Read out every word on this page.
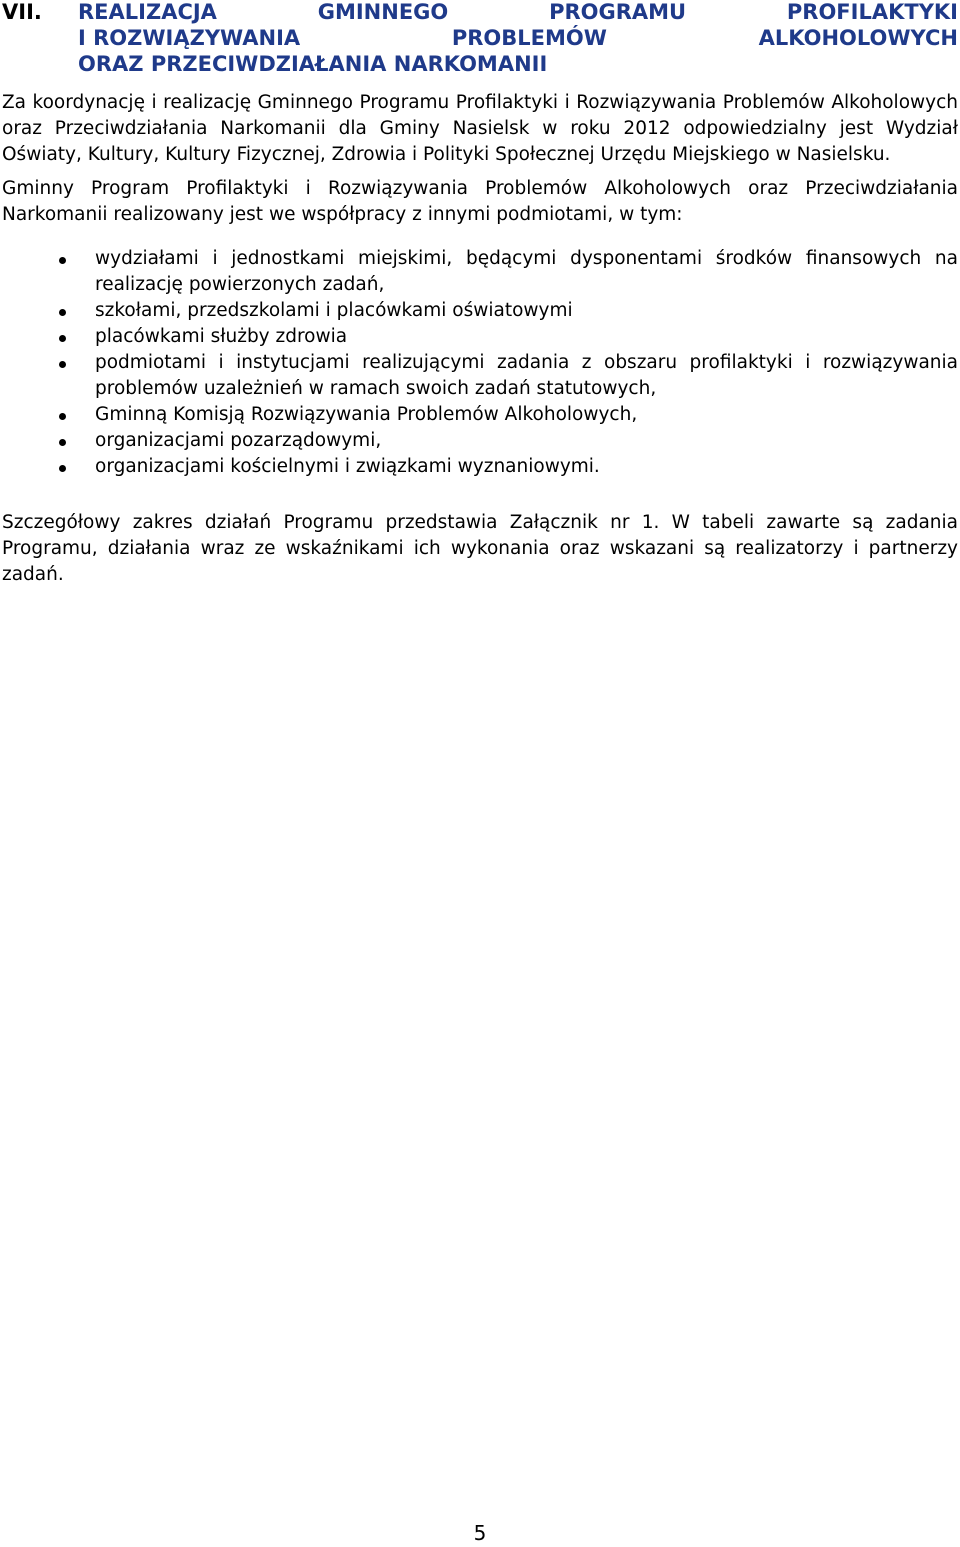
VII.	REALIZACJA	GMINNEGO	PROGRAMU	PROFILAKTYKI
I ROZWIĄZYWANIA	PROBLEMÓW	ALKOHOLOWYCH
ORAZ PRZECIWDZIAŁANIA NARKOMANII

Za koordynację i realizację Gminnego Programu Profilaktyki i Rozwiązywania Problemów Alkoholowych oraz Przeciwdziałania Narkomanii dla Gminy Nasielsk w roku 2012 odpowiedzialny jest Wydział Oświaty, Kultury, Kultury Fizycznej, Zdrowia i Polityki Społecznej Urzędu Miejskiego w Nasielsku.

Gminny Program Profilaktyki i Rozwiązywania Problemów Alkoholowych oraz Przeciwdziałania Narkomanii realizowany jest we współpracy z innymi podmiotami, w tym:

wydziałami i jednostkami miejskimi, będącymi dysponentami środków finansowych na realizację powierzonych zadań,
szkołami, przedszkolami i placówkami oświatowymi
placówkami służby zdrowia
podmiotami i instytucjami realizującymi zadania z obszaru profilaktyki i rozwiązywania problemów uzależnień w ramach swoich zadań statutowych,
Gminną Komisją Rozwiązywania Problemów Alkoholowych,
organizacjami pozarządowymi,
organizacjami kościelnymi i związkami wyznaniowymi.

Szczegółowy zakres działań Programu przedstawia Załącznik nr 1. W tabeli zawarte są zadania Programu, działania wraz ze wskaźnikami ich wykonania oraz wskazani są realizatorzy i partnerzy zadań.

5
